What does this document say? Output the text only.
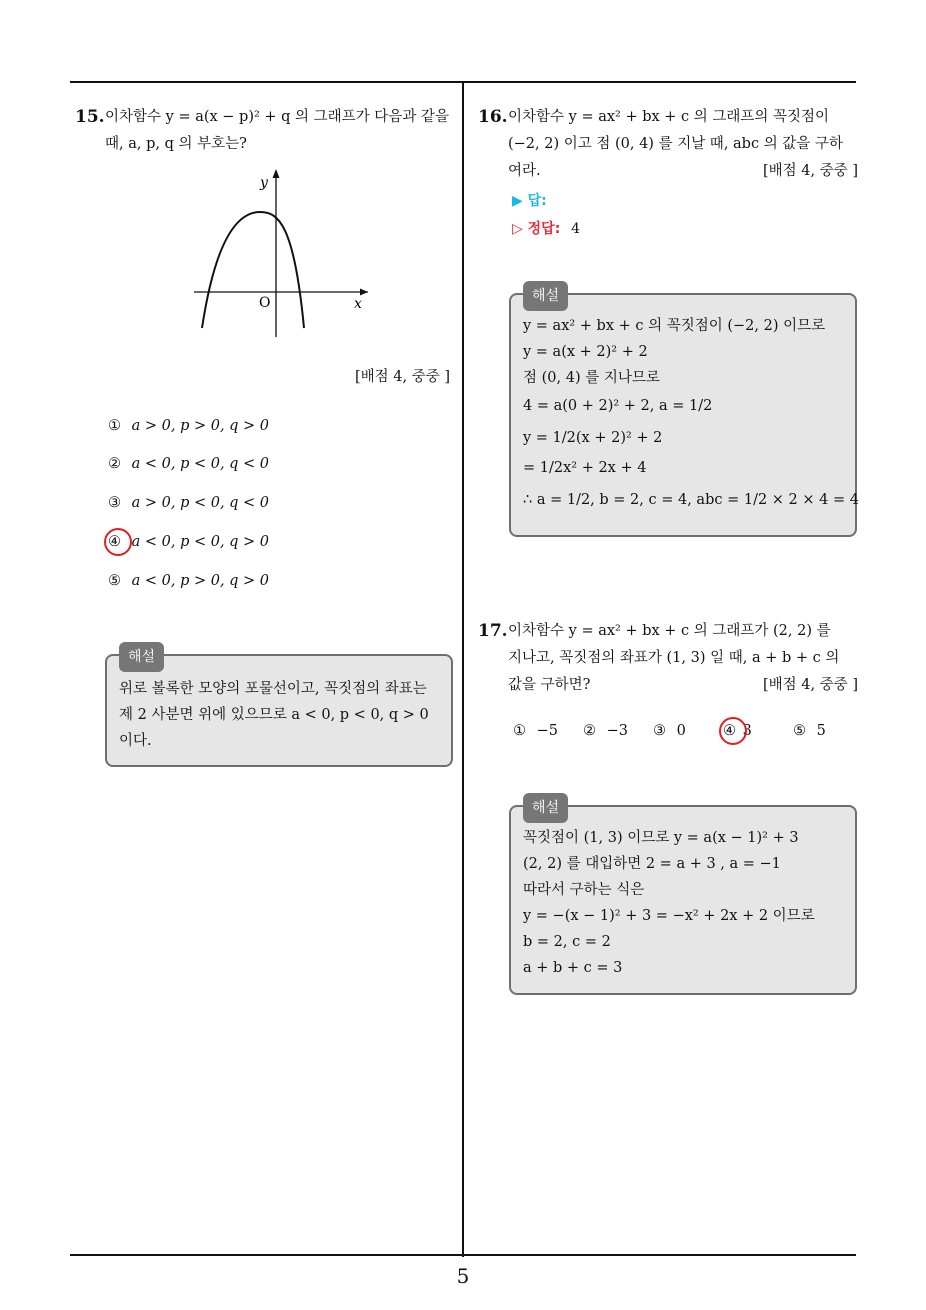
15. 이차함수 y = a(x − p)² + q 의 그래프가 다음과 같을
때, a, p, q 의 부호는?
y
x
O
[배점 4, 중중 ]
① a > 0, p > 0, q > 0
② a < 0, p < 0, q < 0
③ a > 0, p < 0, q < 0
④ a < 0, p < 0, q > 0
⑤ a < 0, p > 0, q > 0
해설
위로 볼록한 모양의 포물선이고, 꼭짓점의 좌표는
제 2 사분면 위에 있으므로 a < 0, p < 0, q > 0
이다.
16. 이차함수 y = ax² + bx + c 의 그래프의 꼭짓점이
(−2, 2) 이고 점 (0, 4) 를 지날 때, abc 의 값을 구하
여라.	[배점 4, 중중 ]
▶ 답:
▷ 정답: 4
해설
y = ax² + bx + c 의 꼭짓점이 (−2, 2) 이므로
y = a(x + 2)² + 2
점 (0, 4) 를 지나므로
4 = a(0 + 2)² + 2, a = 1/2
y = 1/2(x + 2)² + 2
= 1/2x² + 2x + 4
∴ a = 1/2, b = 2, c = 4, abc = 1/2 × 2 × 4 = 4
17. 이차함수 y = ax² + bx + c 의 그래프가 (2, 2) 를
지나고, 꼭짓점의 좌표가 (1, 3) 일 때, a + b + c 의
값을 구하면?	[배점 4, 중중 ]
① −5 ② −3 ③ 0	④ 3	⑤ 5
해설
꼭짓점이 (1, 3) 이므로 y = a(x − 1)² + 3
(2, 2) 를 대입하면 2 = a + 3 , a = −1
따라서 구하는 식은
y = −(x − 1)² + 3 = −x² + 2x + 2 이므로
b = 2, c = 2
a + b + c = 3
5
